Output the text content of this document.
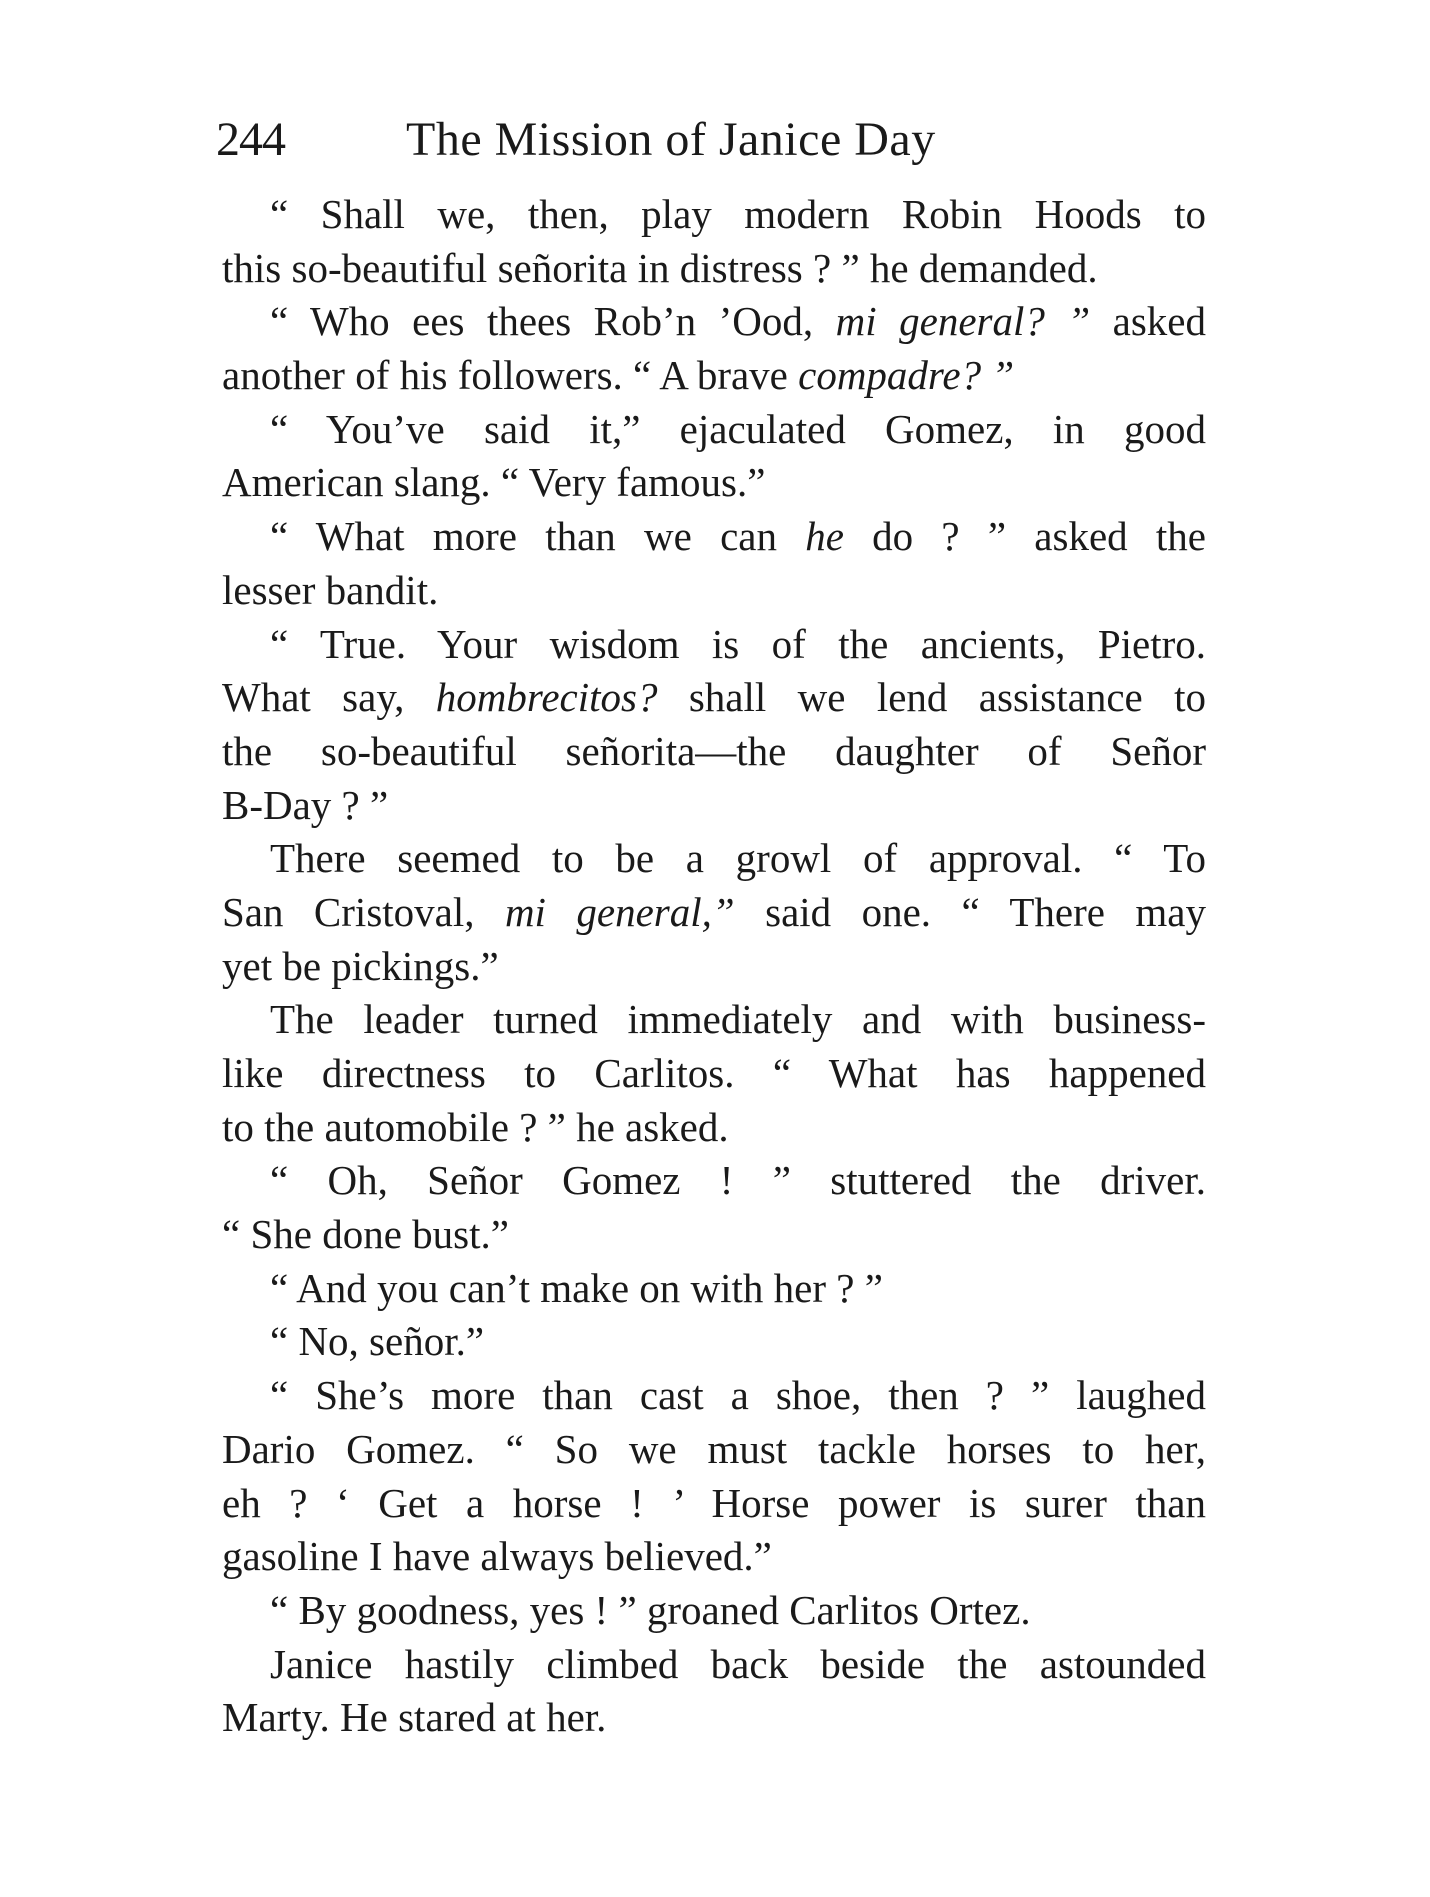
244	The Mission of Janice Day
“ Shall we, then, play modern Robin Hoods to
this so-beautiful señorita in distress ? ” he demanded.
“ Who ees thees Rob’n ’Ood, mi general? ” asked
another of his followers. “ A brave compadre? ”
“ You’ve said it,” ejaculated Gomez, in good
American slang. “ Very famous.”
“ What more than we can he do ? ” asked the
lesser bandit.
“ True. Your wisdom is of the ancients, Pietro.
What say, hombrecitos? shall we lend assistance to
the so-beautiful señorita—the daughter of Señor
B-Day ? ”
There seemed to be a growl of approval. “ To
San Cristoval, mi general,” said one. “ There may
yet be pickings.”
The leader turned immediately and with business-
like directness to Carlitos. “ What has happened
to the automobile ? ” he asked.
“ Oh, Señor Gomez ! ” stuttered the driver.
“ She done bust.”
“ And you can’t make on with her ? ”
“ No, señor.”
“ She’s more than cast a shoe, then ? ” laughed
Dario Gomez. “ So we must tackle horses to her,
eh ? ‘ Get a horse ! ’ Horse power is surer than
gasoline I have always believed.”
“ By goodness, yes ! ” groaned Carlitos Ortez.
Janice hastily climbed back beside the astounded
Marty. He stared at her.
